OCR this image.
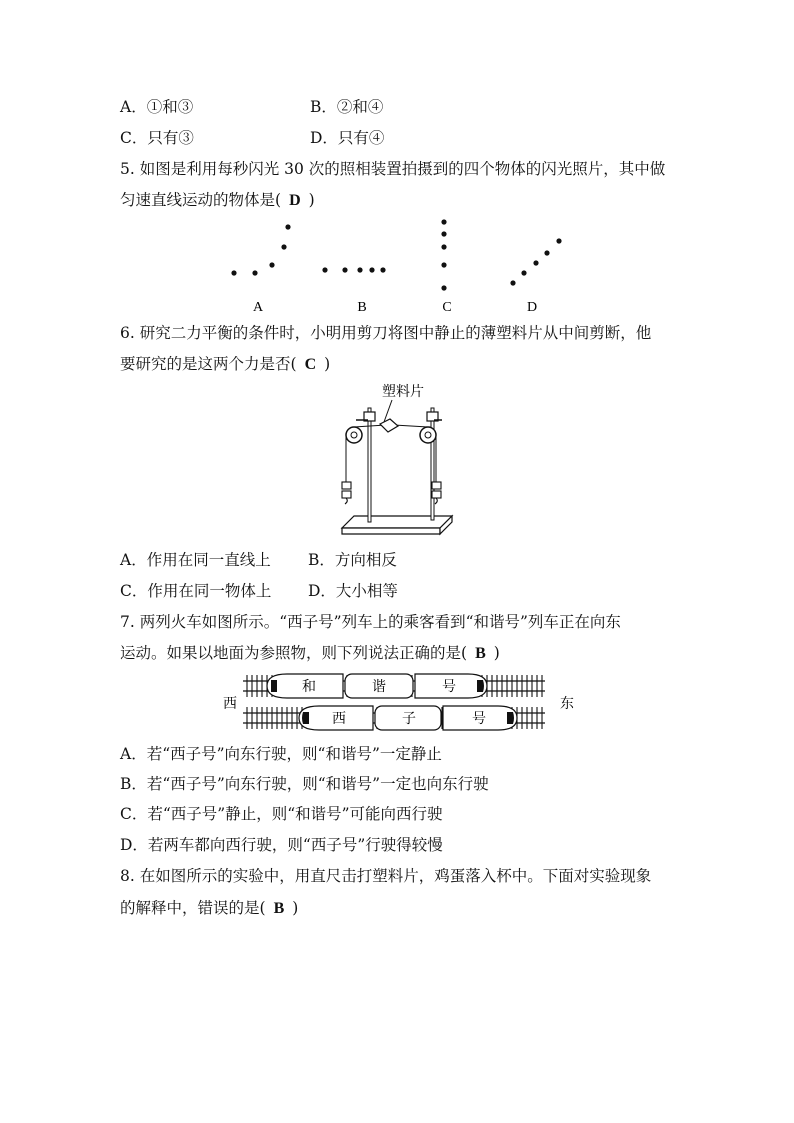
A．①和③	B．②和④
C．只有③	D．只有④
5. 如图是利用每秒闪光 30 次的照相装置拍摄到的四个物体的闪光照片，其中做
匀速直线运动的物体是( D )
A	B	C	D
6. 研究二力平衡的条件时，小明用剪刀将图中静止的薄塑料片从中间剪断，他
要研究的是这两个力是否( C )
塑料片
A．作用在同一直线上 B．方向相反
C．作用在同一物体上 D．大小相等
7. 两列火车如图所示。“西子号”列车上的乘客看到“和谐号”列车正在向东
运动。如果以地面为参照物，则下列说法正确的是( B )
西	东
和	谐	号
西	子	号
A．若“西子号”向东行驶，则“和谐号”一定静止
B．若“西子号”向东行驶，则“和谐号”一定也向东行驶
C．若“西子号”静止，则“和谐号”可能向西行驶
D．若两车都向西行驶，则“西子号”行驶得较慢
8. 在如图所示的实验中，用直尺击打塑料片，鸡蛋落入杯中。下面对实验现象
的解释中，错误的是( B )
